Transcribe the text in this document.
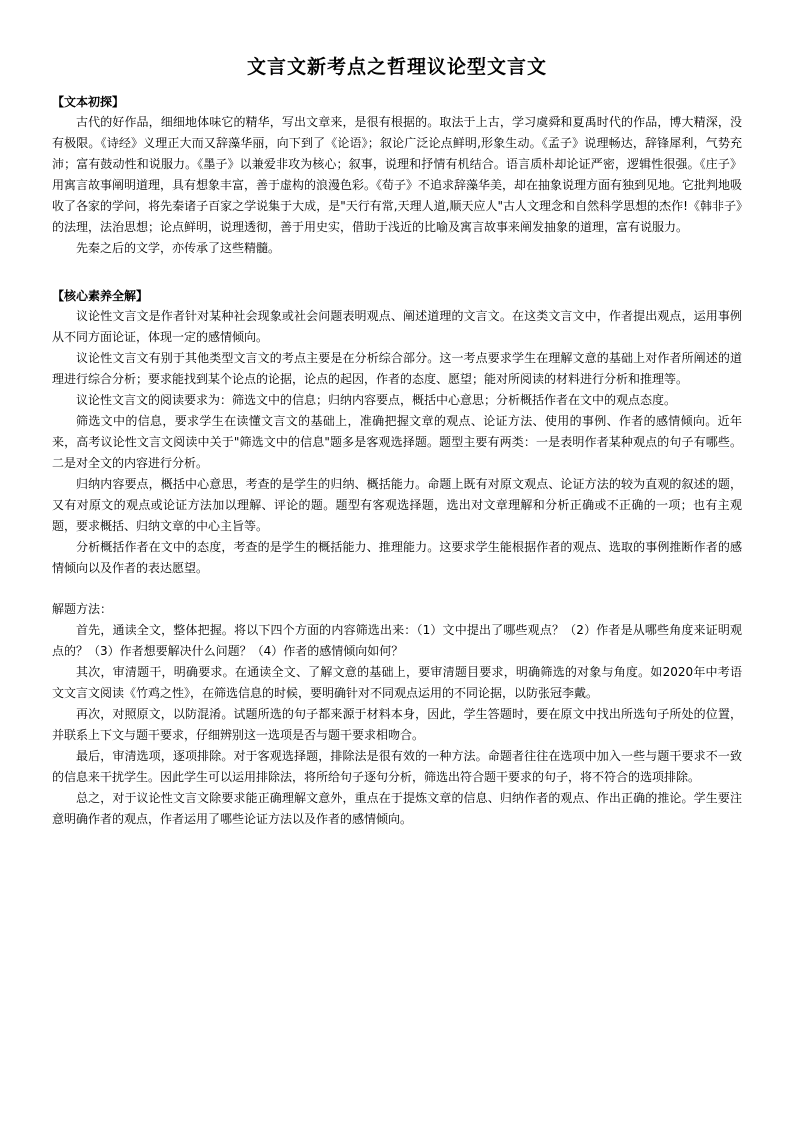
文言文新考点之哲理议论型文言文
【文本初探】

古代的好作品，细细地体味它的精华，写出文章来，是很有根据的。取法于上古，学习虞舜和夏禹时代的作品，博大精深，没有极限。《诗经》义理正大而又辞藻华丽，向下到了《论语》；叙论广泛论点鲜明,形象生动。《孟子》说理畅达，辞锋犀利，气势充沛；富有鼓动性和说服力。《墨子》以兼爱非攻为核心；叙事，说理和抒情有机结合。语言质朴却论证严密，逻辑性很强。《庄子》用寓言故事阐明道理，具有想象丰富，善于虚构的浪漫色彩。《荀子》不追求辞藻华美，却在抽象说理方面有独到见地。它批判地吸收了各家的学问，将先秦诸子百家之学说集于大成，是"天行有常,天理人道,顺天应人"古人文理念和自然科学思想的杰作!《韩非子》的法理，法治思想；论点鲜明，说理透彻，善于用史实，借助于浅近的比喻及寓言故事来阐发抽象的道理，富有说服力。

先秦之后的文学，亦传承了这些精髓。

【核心素养全解】

议论性文言文是作者针对某种社会现象或社会问题表明观点、阐述道理的文言文。在这类文言文中，作者提出观点，运用事例从不同方面论证，体现一定的感情倾向。

议论性文言文有别于其他类型文言文的考点主要是在分析综合部分。这一考点要求学生在理解文意的基础上对作者所阐述的道理进行综合分析；要求能找到某个论点的论据，论点的起因，作者的态度、愿望；能对所阅读的材料进行分析和推理等。

议论性文言文的阅读要求为：筛选文中的信息；归纳内容要点，概括中心意思；分析概括作者在文中的观点态度。

筛选文中的信息，要求学生在读懂文言文的基础上，准确把握文章的观点、论证方法、使用的事例、作者的感情倾向。近年来，高考议论性文言文阅读中关于"筛选文中的信息"题多是客观选择题。题型主要有两类：一是表明作者某种观点的句子有哪些。二是对全文的内容进行分析。

归纳内容要点，概括中心意思，考查的是学生的归纳、概括能力。命题上既有对原文观点、论证方法的较为直观的叙述的题，又有对原文的观点或论证方法加以理解、评论的题。题型有客观选择题，选出对文章理解和分析正确或不正确的一项；也有主观题，要求概括、归纳文章的中心主旨等。

分析概括作者在文中的态度，考查的是学生的概括能力、推理能力。这要求学生能根据作者的观点、选取的事例推断作者的感情倾向以及作者的表达愿望。

解题方法：

首先，通读全文，整体把握。将以下四个方面的内容筛选出来：（1）文中提出了哪些观点？（2）作者是从哪些角度来证明观点的？（3）作者想要解决什么问题？（4）作者的感情倾向如何？

其次，审清题干，明确要求。在通读全文、了解文意的基础上，要审清题目要求，明确筛选的对象与角度。如2020年中考语文文言文阅读《竹鸡之性》，在筛选信息的时候，要明确针对不同观点运用的不同论据，以防张冠李戴。

再次，对照原文，以防混淆。试题所选的句子都来源于材料本身，因此，学生答题时，要在原文中找出所选句子所处的位置，并联系上下文与题干要求，仔细辨别这一选项是否与题干要求相吻合。

最后，审清选项，逐项排除。对于客观选择题，排除法是很有效的一种方法。命题者往往在选项中加入一些与题干要求不一致的信息来干扰学生。因此学生可以运用排除法，将所给句子逐句分析，筛选出符合题干要求的句子，将不符合的选项排除。

总之，对于议论性文言文除要求能正确理解文意外，重点在于提炼文章的信息、归纳作者的观点、作出正确的推论。学生要注意明确作者的观点，作者运用了哪些论证方法以及作者的感情倾向。
